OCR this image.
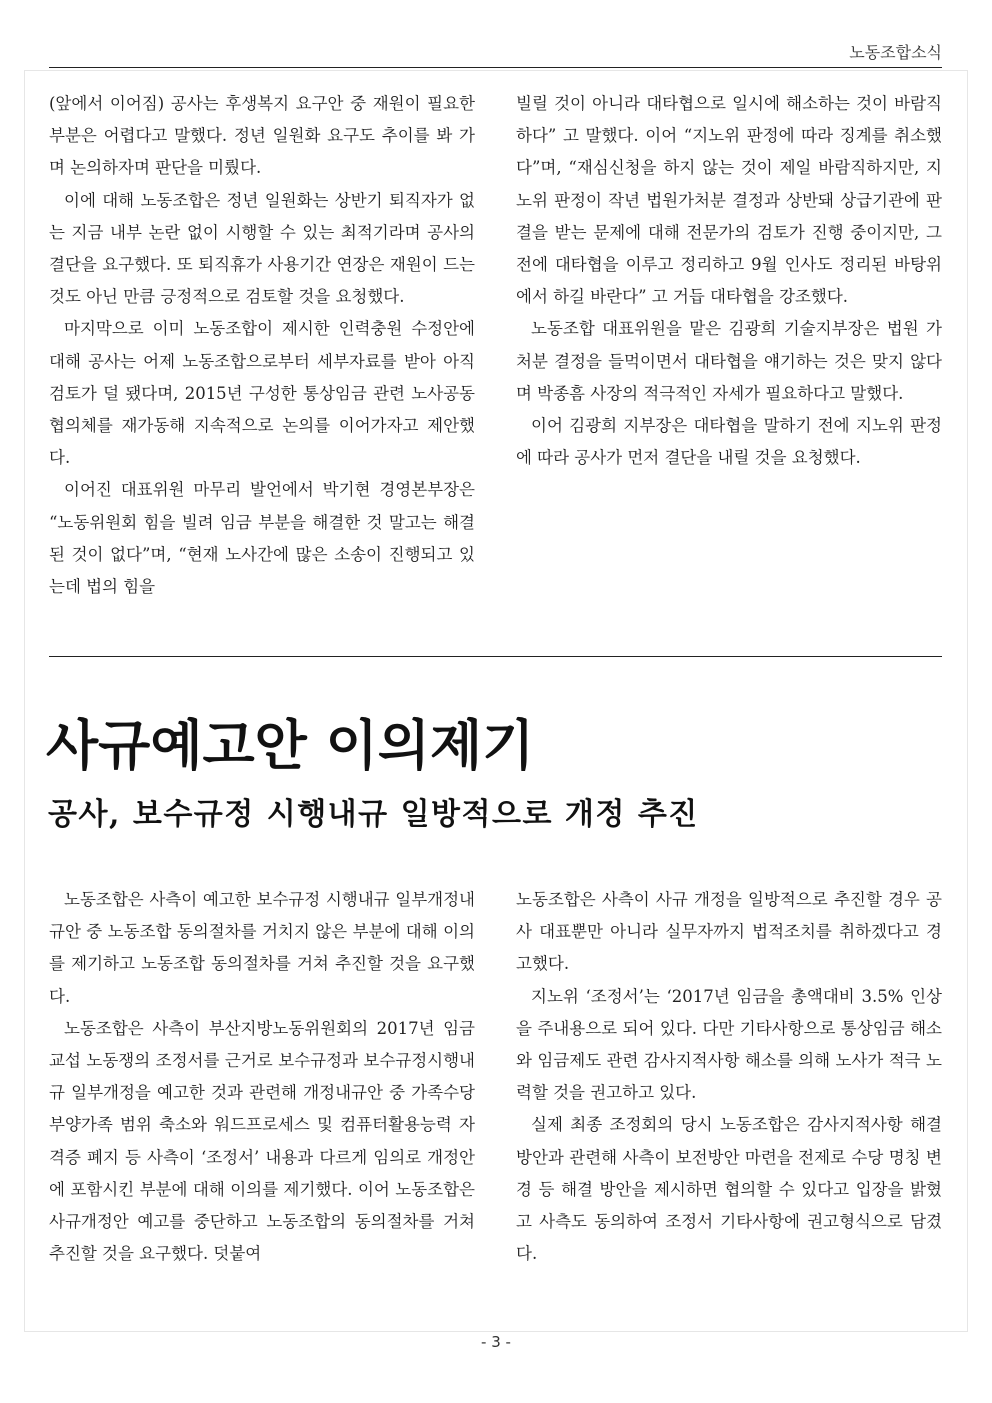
노동조합소식

(앞에서 이어짐) 공사는 후생복지 요구안 중 재원이 필요한 부분은 어렵다고 말했다. 정년 일원화 요구도 추이를 봐 가며 논의하자며 판단을 미뤘다.

이에 대해 노동조합은 정년 일원화는 상반기 퇴직자가 없는 지금 내부 논란 없이 시행할 수 있는 최적기라며 공사의 결단을 요구했다. 또 퇴직휴가 사용기간 연장은 재원이 드는 것도 아닌 만큼 긍정적으로 검토할 것을 요청했다.

마지막으로 이미 노동조합이 제시한 인력충원 수정안에 대해 공사는 어제 노동조합으로부터 세부자료를 받아 아직 검토가 덜 됐다며, 2015년 구성한 통상임금 관련 노사공동협의체를 재가동해 지속적으로 논의를 이어가자고 제안했다.

이어진 대표위원 마무리 발언에서 박기현 경영본부장은 “노동위원회 힘을 빌려 임금 부분을 해결한 것 말고는 해결된 것이 없다”며, “현재 노사간에 많은 소송이 진행되고 있는데 법의 힘을

빌릴 것이 아니라 대타협으로 일시에 해소하는 것이 바람직하다” 고 말했다. 이어 “지노위 판정에 따라 징계를 취소했다”며, “재심신청을 하지 않는 것이 제일 바람직하지만, 지노위 판정이 작년 법원가처분 결정과 상반돼 상급기관에 판결을 받는 문제에 대해 전문가의 검토가 진행 중이지만, 그 전에 대타협을 이루고 정리하고 9월 인사도 정리된 바탕위에서 하길 바란다” 고 거듭 대타협을 강조했다.

노동조합 대표위원을 맡은 김광희 기술지부장은 법원 가처분 결정을 들먹이면서 대타협을 얘기하는 것은 맞지 않다며 박종흠 사장의 적극적인 자세가 필요하다고 말했다.

이어 김광희 지부장은 대타협을 말하기 전에 지노위 판정에 따라 공사가 먼저 결단을 내릴 것을 요청했다.

사규예고안 이의제기
공사, 보수규정 시행내규 일방적으로 개정 추진

노동조합은 사측이 예고한 보수규정 시행내규 일부개정내규안 중 노동조합 동의절차를 거치지 않은 부분에 대해 이의를 제기하고 노동조합 동의절차를 거쳐 추진할 것을 요구했다.

노동조합은 사측이 부산지방노동위원회의 2017년 임금교섭 노동쟁의 조정서를 근거로 보수규정과 보수규정시행내규 일부개정을 예고한 것과 관련해 개정내규안 중 가족수당 부양가족 범위 축소와 워드프로세스 및 컴퓨터활용능력 자격증 폐지 등 사측이 ‘조정서’ 내용과 다르게 임의로 개정안에 포함시킨 부분에 대해 이의를 제기했다. 이어 노동조합은 사규개정안 예고를 중단하고 노동조합의 동의절차를 거쳐 추진할 것을 요구했다. 덧붙여

노동조합은 사측이 사규 개정을 일방적으로 추진할 경우 공사 대표뿐만 아니라 실무자까지 법적조치를 취하겠다고 경고했다.

지노위 ‘조정서’는 ‘2017년 임금을 총액대비 3.5% 인상을 주내용으로 되어 있다. 다만 기타사항으로 통상임금 해소와 임금제도 관련 감사지적사항 해소를 의해 노사가 적극 노력할 것을 권고하고 있다.

실제 최종 조정회의 당시 노동조합은 감사지적사항 해결 방안과 관련해 사측이 보전방안 마련을 전제로 수당 명칭 변경 등 해결 방안을 제시하면 협의할 수 있다고 입장을 밝혔고 사측도 동의하여 조정서 기타사항에 권고형식으로 담겼다.

- 3 -
